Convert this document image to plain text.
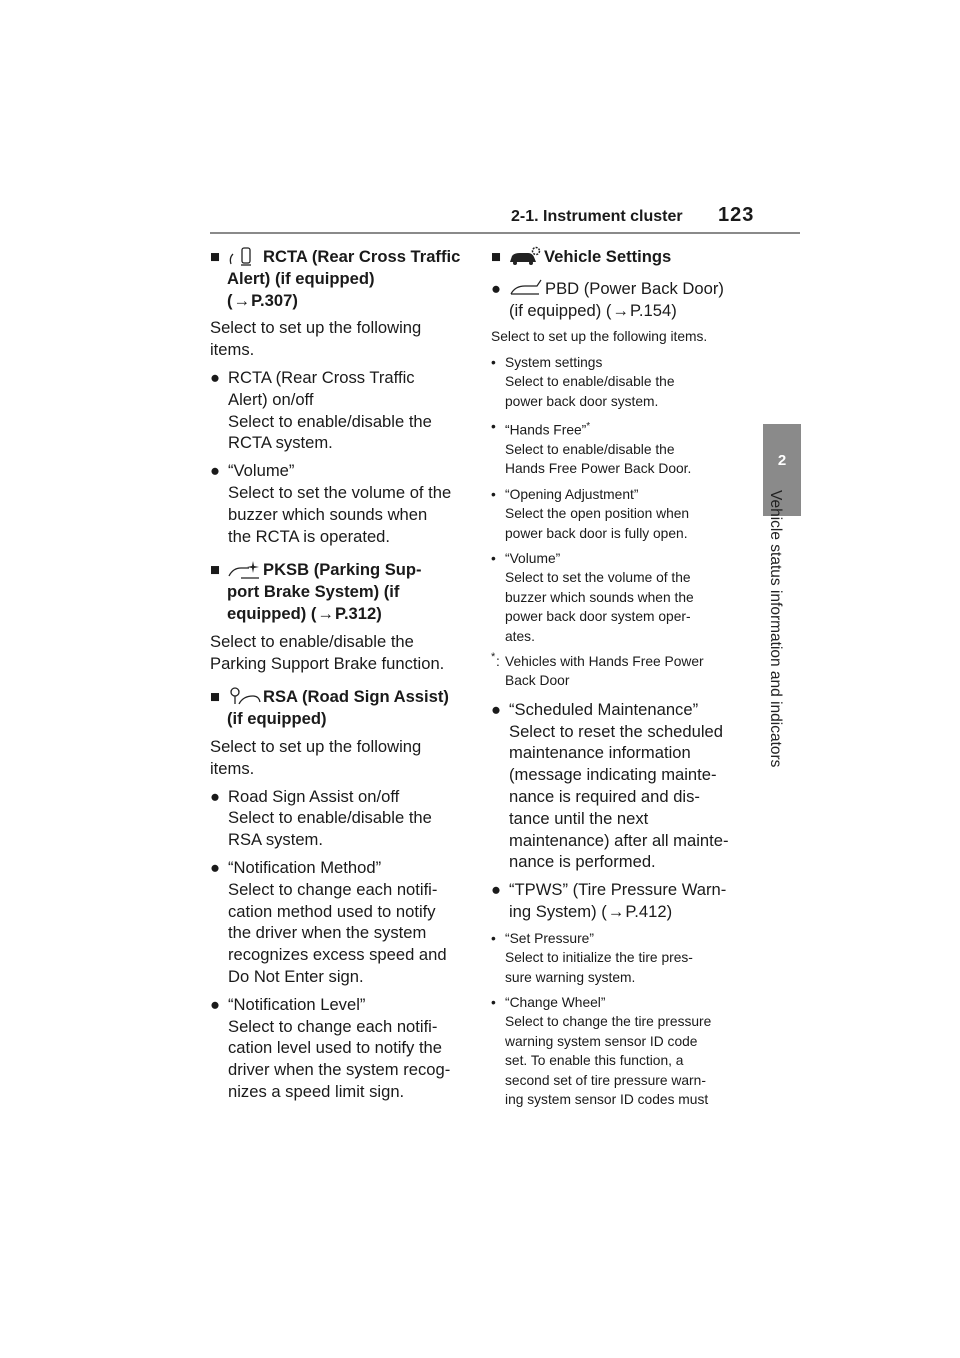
2-1. Instrument cluster 123
2
Vehicle status information and indicators
■	RCTA (Rear Cross Traffic
Alert) (if equipped)
(→P.307)
Select to set up the following
items.
● RCTA (Rear Cross Traffic
Alert) on/off
Select to enable/disable the
RCTA system.
● “Volume”
Select to set the volume of the
buzzer which sounds when
the RCTA is operated.
■	PKSB (Parking Sup-
port Brake System) (if
equipped) (→P.312)
Select to enable/disable the
Parking Support Brake function.
■	RSA (Road Sign Assist)
(if equipped)
Select to set up the following
items.
● Road Sign Assist on/off
Select to enable/disable the
RSA system.
● “Notification Method”
Select to change each notifi-
cation method used to notify
the driver when the system
recognizes excess speed and
Do Not Enter sign.
● “Notification Level”
Select to change each notifi-
cation level used to notify the
driver when the system recog-
nizes a speed limit sign.
■	Vehicle Settings
●	PBD (Power Back Door)
(if equipped) (→P.154)
Select to set up the following items.
• System settings
Select to enable/disable the
power back door system.
• “Hands Free”*
Select to enable/disable the
Hands Free Power Back Door.
• “Opening Adjustment”
Select the open position when
power back door is fully open.
• “Volume”
Select to set the volume of the
buzzer which sounds when the
power back door system oper-
ates.
* : Vehicles with Hands Free Power
Back Door
● “Scheduled Maintenance”
Select to reset the scheduled
maintenance information
(message indicating mainte-
nance is required and dis-
tance until the next
maintenance) after all mainte-
nance is performed.
● “TPWS” (Tire Pressure Warn-
ing System) (→P.412)
• “Set Pressure”
Select to initialize the tire pres-
sure warning system.
• “Change Wheel”
Select to change the tire pressure
warning system sensor ID code
set. To enable this function, a
second set of tire pressure warn-
ing system sensor ID codes must
